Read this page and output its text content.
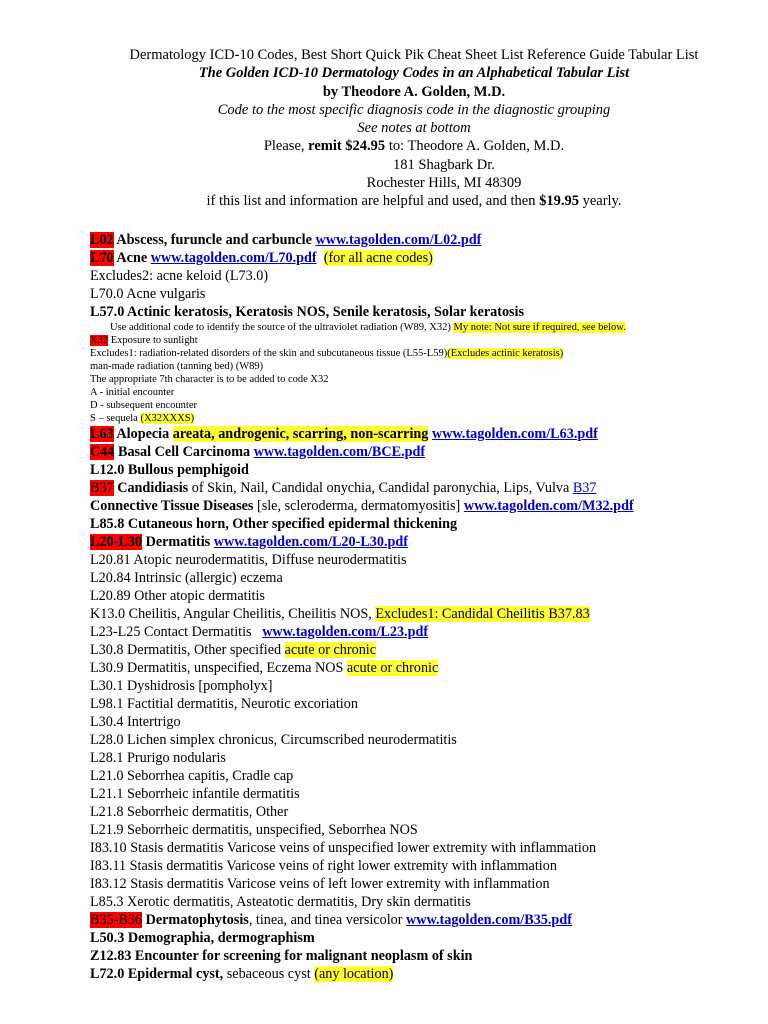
Dermatology ICD-10 Codes, Best Short Quick Pik Cheat Sheet List Reference Guide Tabular List
The Golden ICD-10 Dermatology Codes in an Alphabetical Tabular List
by Theodore A. Golden, M.D.
Code to the most specific diagnosis code in the diagnostic grouping
See notes at bottom
Please, remit $24.95 to: Theodore A. Golden, M.D.
181 Shagbark Dr.
Rochester Hills, MI 48309
if this list and information are helpful and used, and then $19.95 yearly.
L02 Abscess, furuncle and carbuncle www.tagolden.com/L02.pdf
L70 Acne www.tagolden.com/L70.pdf (for all acne codes)
Excludes2: acne keloid (L73.0)
L70.0 Acne vulgaris
L57.0 Actinic keratosis, Keratosis NOS, Senile keratosis, Solar keratosis
Use additional code to identify the source of the ultraviolet radiation (W89, X32) My note: Not sure if required, see below.
X32 Exposure to sunlight
Excludes1: radiation-related disorders of the skin and subcutaneous tissue (L55-L59)(Excludes actinic keratosis)
man-made radiation (tanning bed) (W89)
The appropriate 7th character is to be added to code X32
A - initial encounter
D - subsequent encounter
S – sequela (X32XXXS)
L63 Alopecia areata, androgenic, scarring, non-scarring www.tagolden.com/L63.pdf
C44 Basal Cell Carcinoma www.tagolden.com/BCE.pdf
L12.0 Bullous pemphigoid
B37 Candidiasis of Skin, Nail, Candidal onychia, Candidal paronychia, Lips, Vulva B37
Connective Tissue Diseases [sle, scleroderma, dermatomyositis] www.tagolden.com/M32.pdf
L85.8 Cutaneous horn, Other specified epidermal thickening
L20-L30 Dermatitis www.tagolden.com/L20-L30.pdf
L20.81 Atopic neurodermatitis, Diffuse neurodermatitis
L20.84 Intrinsic (allergic) eczema
L20.89 Other atopic dermatitis
K13.0 Cheilitis, Angular Cheilitis, Cheilitis NOS, Excludes1: Candidal Cheilitis B37.83
L23-L25 Contact Dermatitis   www.tagolden.com/L23.pdf
L30.8 Dermatitis, Other specified acute or chronic
L30.9 Dermatitis, unspecified, Eczema NOS acute or chronic
L30.1 Dyshidrosis [pompholyx]
L98.1 Factitial dermatitis, Neurotic excoriation
L30.4 Intertrigo
L28.0 Lichen simplex chronicus, Circumscribed neurodermatitis
L28.1 Prurigo nodularis
L21.0 Seborrhea capitis, Cradle cap
L21.1 Seborrheic infantile dermatitis
L21.8 Seborrheic dermatitis, Other
L21.9 Seborrheic dermatitis, unspecified, Seborrhea NOS
I83.10 Stasis dermatitis Varicose veins of unspecified lower extremity with inflammation
I83.11 Stasis dermatitis Varicose veins of right lower extremity with inflammation
I83.12 Stasis dermatitis Varicose veins of left lower extremity with inflammation
L85.3 Xerotic dermatitis, Asteatotic dermatitis, Dry skin dermatitis
B35-B36 Dermatophytosis, tinea, and tinea versicolor www.tagolden.com/B35.pdf
L50.3 Demographia, dermographism
Z12.83 Encounter for screening for malignant neoplasm of skin
L72.0 Epidermal cyst, sebaceous cyst (any location)
